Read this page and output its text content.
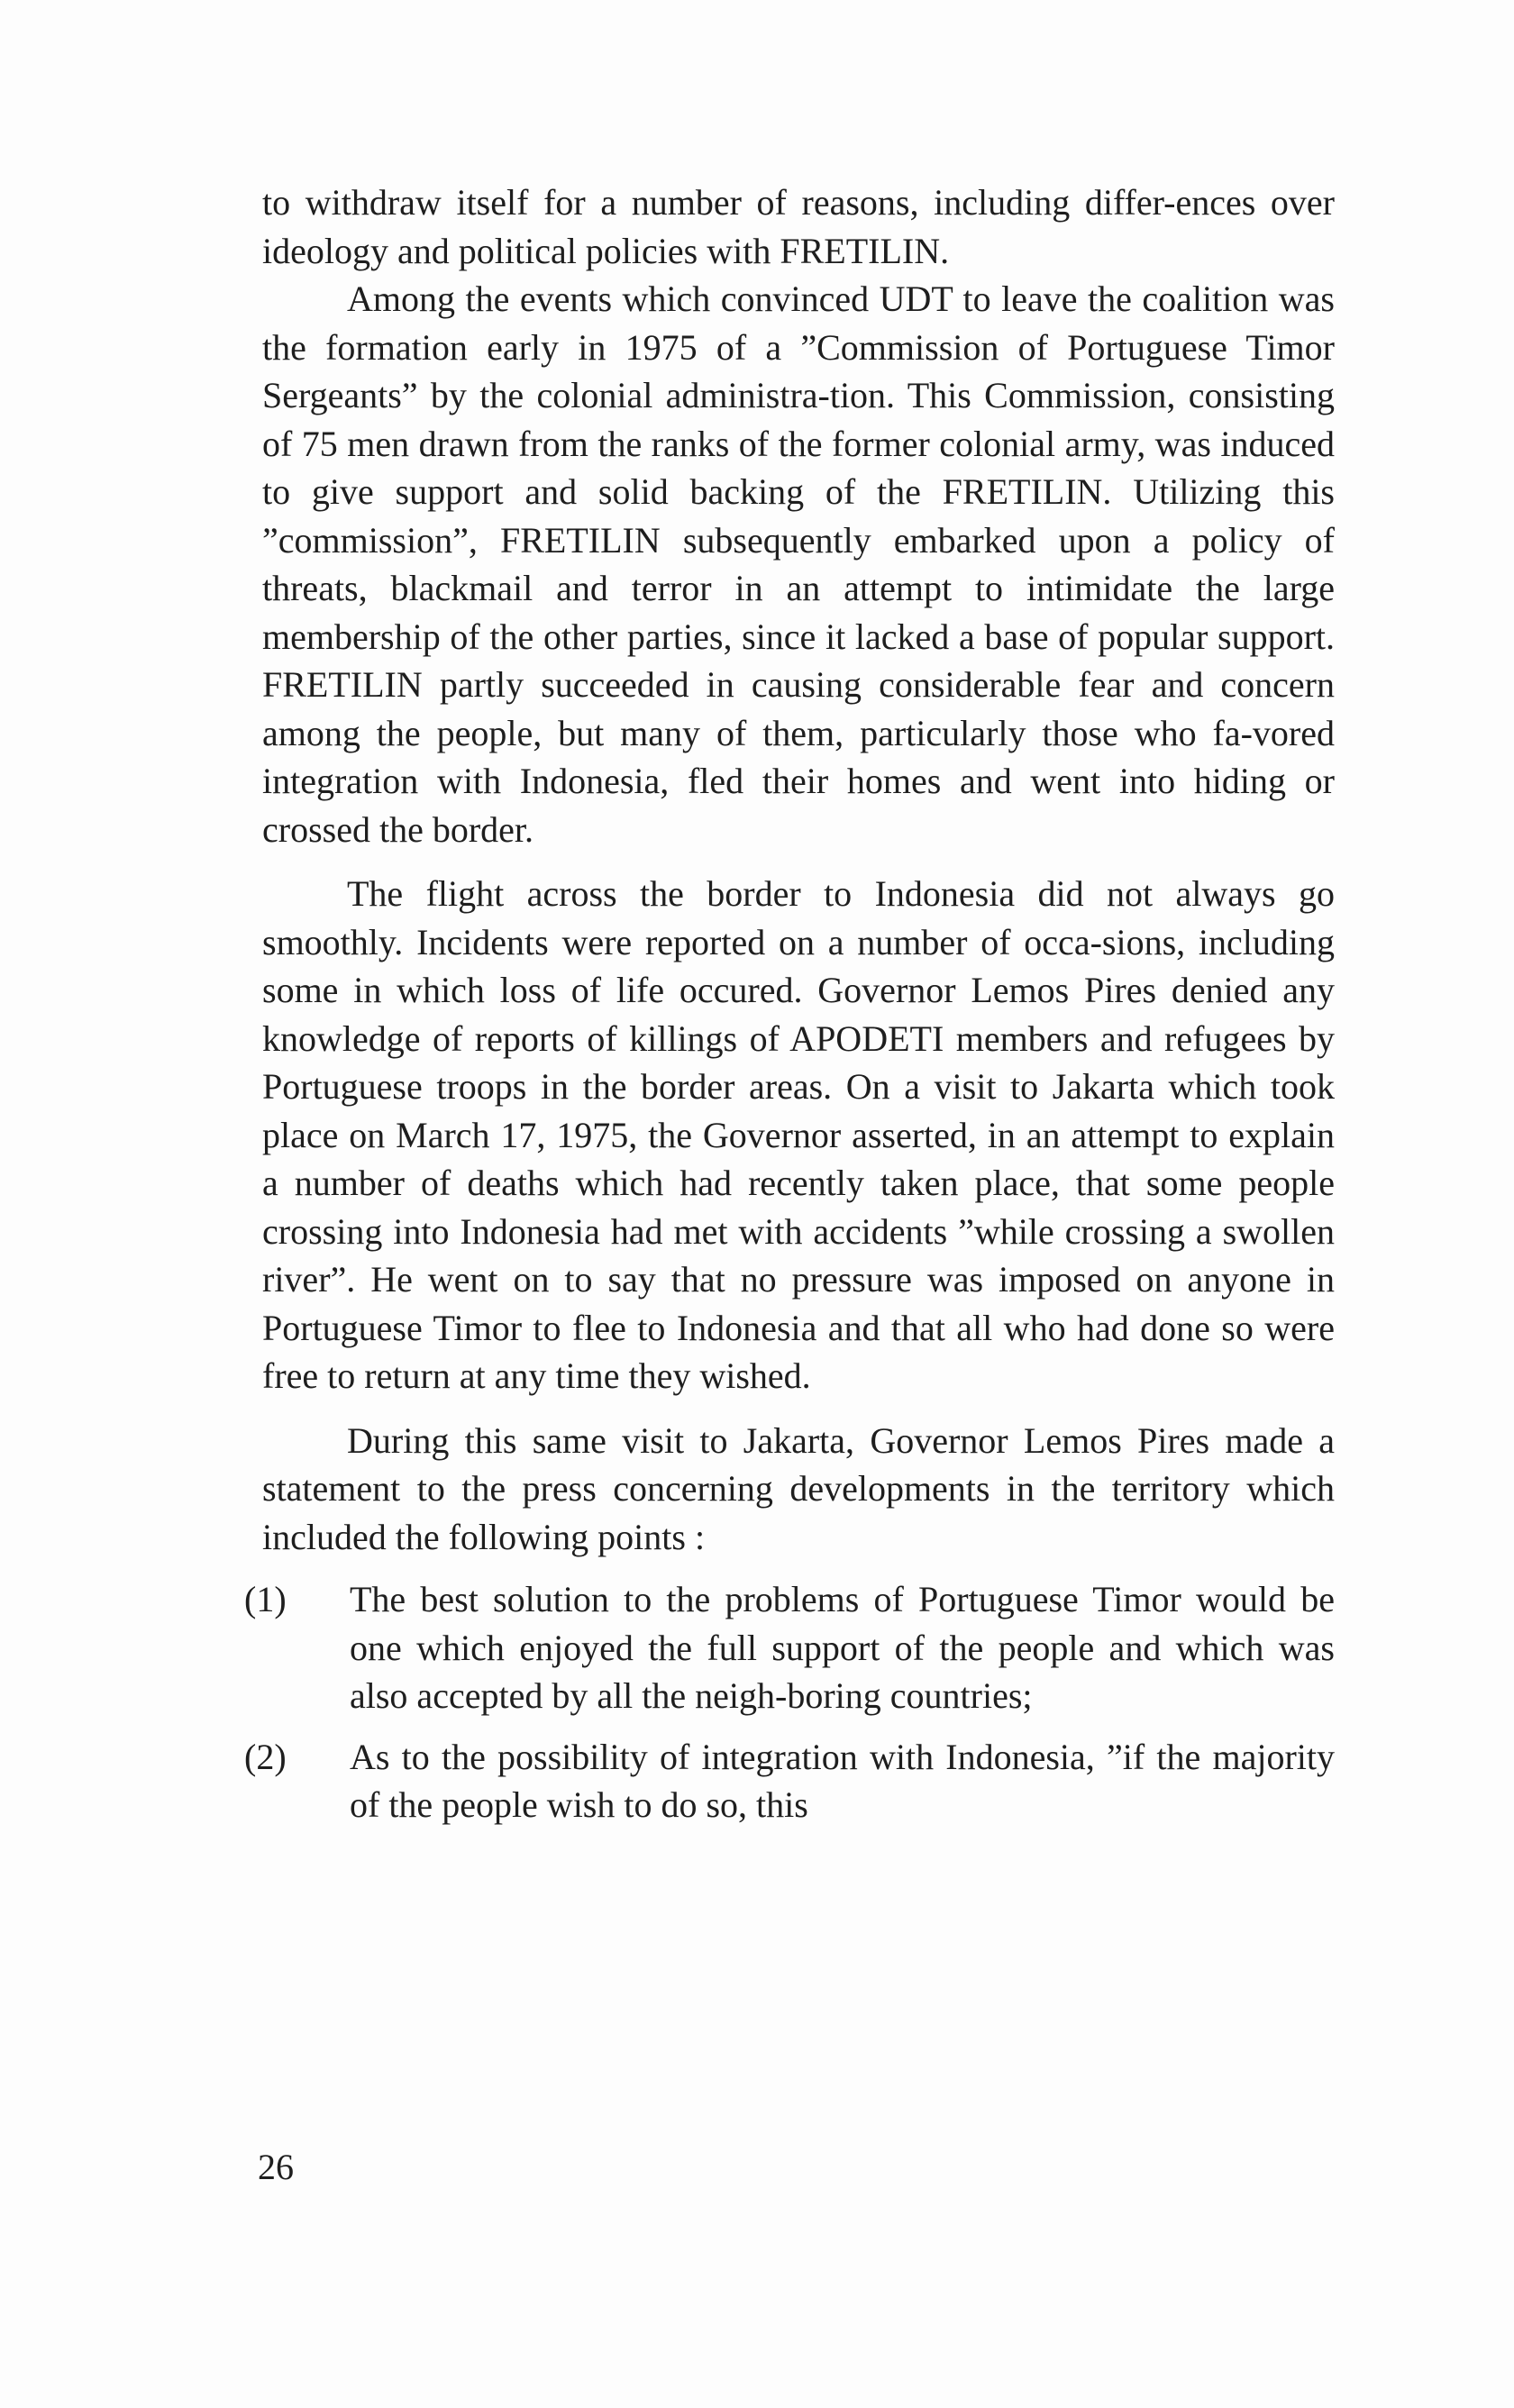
to withdraw itself for a number of reasons, including differ-ences over ideology and political policies with FRETILIN.

Among the events which convinced UDT to leave the coalition was the formation early in 1975 of a ”Commission of Portuguese Timor Sergeants” by the colonial administra-tion. This Commission, consisting of 75 men drawn from the ranks of the former colonial army, was induced to give support and solid backing of the FRETILIN. Utilizing this ”commission”, FRETILIN subsequently embarked upon a policy of threats, blackmail and terror in an attempt to intimidate the large membership of the other parties, since it lacked a base of popular support. FRETILIN partly succeeded in causing considerable fear and concern among the people, but many of them, particularly those who fa-vored integration with Indonesia, fled their homes and went into hiding or crossed the border.

The flight across the border to Indonesia did not always go smoothly. Incidents were reported on a number of occa-sions, including some in which loss of life occured. Governor Lemos Pires denied any knowledge of reports of killings of APODETI members and refugees by Portuguese troops in the border areas. On a visit to Jakarta which took place on March 17, 1975, the Governor asserted, in an attempt to explain a number of deaths which had recently taken place, that some people crossing into Indonesia had met with accidents ”while crossing a swollen river”. He went on to say that no pressure was imposed on anyone in Portuguese Timor to flee to Indonesia and that all who had done so were free to return at any time they wished.

During this same visit to Jakarta, Governor Lemos Pires made a statement to the press concerning developments in the territory which included the following points :

(1) The best solution to the problems of Portuguese Timor would be one which enjoyed the full support of the people and which was also accepted by all the neigh-boring countries;
(2) As to the possibility of integration with Indonesia, ”if the majority of the people wish to do so, this
26
